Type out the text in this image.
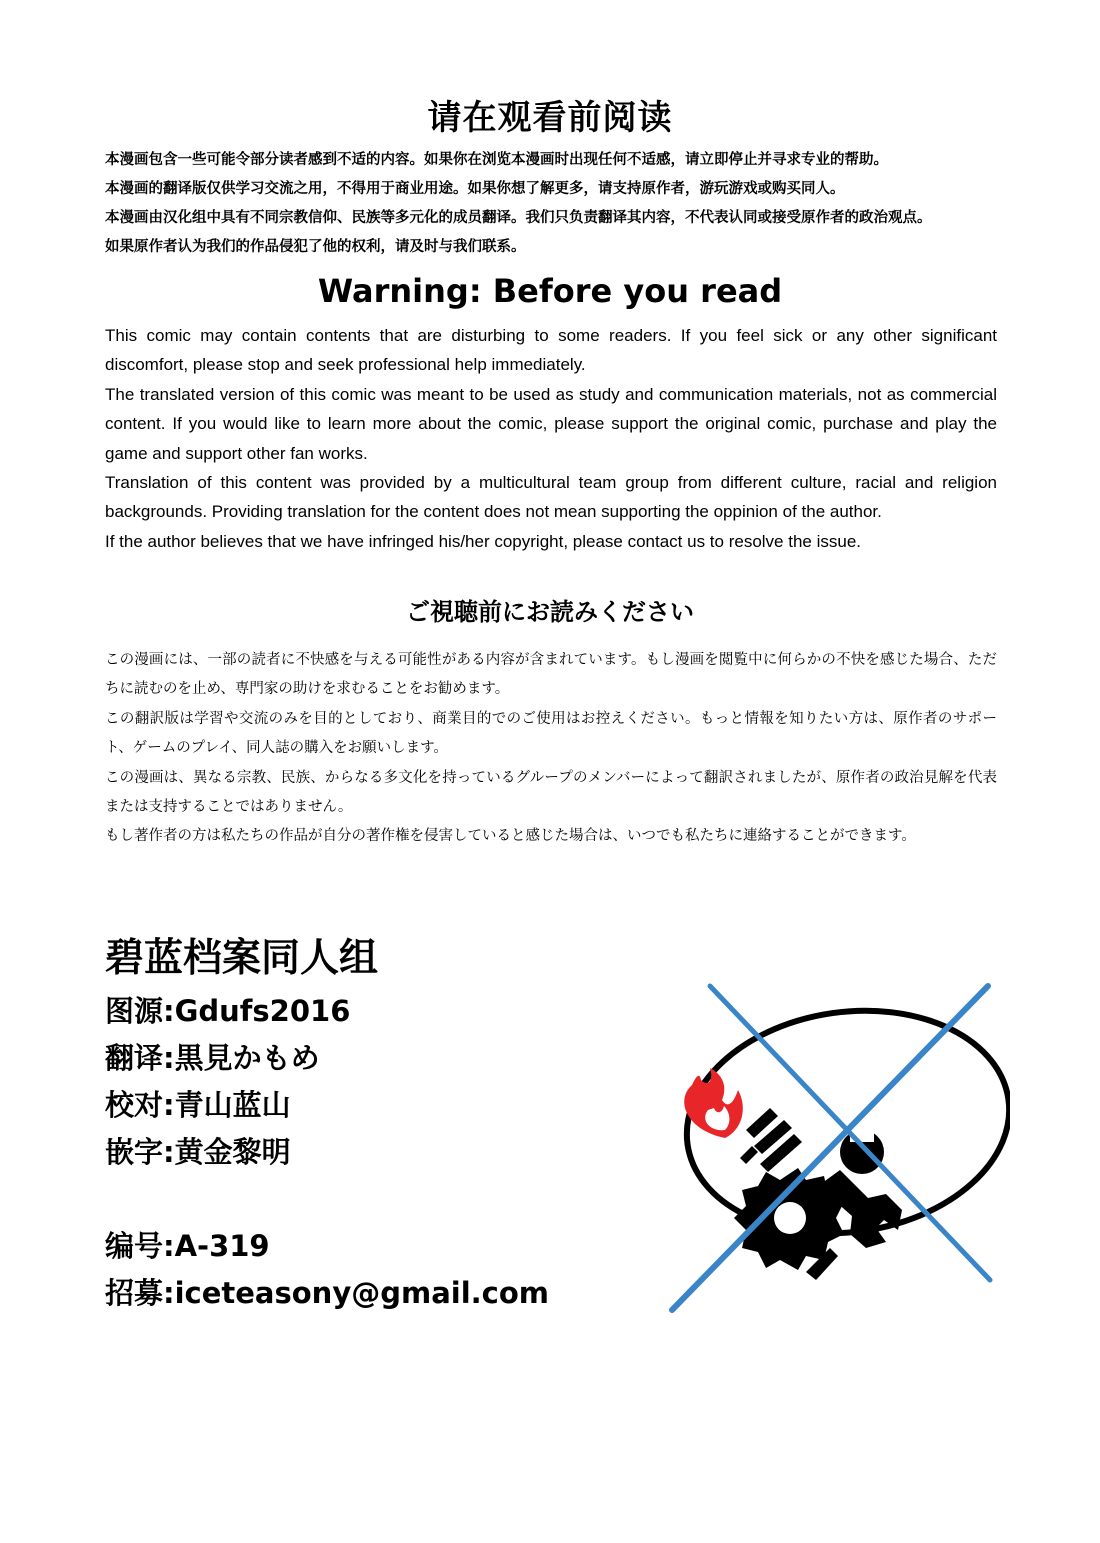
请在观看前阅读
本漫画包含一些可能令部分读者感到不适的内容。如果你在浏览本漫画时出现任何不适感，请立即停止并寻求专业的帮助。
本漫画的翻译版仅供学习交流之用，不得用于商业用途。如果你想了解更多，请支持原作者，游玩游戏或购买同人。
本漫画由汉化组中具有不同宗教信仰、民族等多元化的成员翻译。我们只负责翻译其内容，不代表认同或接受原作者的政治观点。
如果原作者认为我们的作品侵犯了他的权利，请及时与我们联系。
Warning: Before you read

This comic may contain contents that are disturbing to some readers. If you feel sick or any other significant discomfort, please stop and seek professional help immediately.

The translated version of this comic was meant to be used as study and communication materials, not as commercial content. If you would like to learn more about the comic, please support the original comic, purchase and play the game and support other fan works.

Translation of this content was provided by a multicultural team group from different culture, racial and religion backgrounds. Providing translation for the content does not mean supporting the oppinion of the author.

If the author believes that we have infringed his/her copyright, please contact us to resolve the issue.

ご視聴前にお読みください

この漫画には、一部の読者に不快感を与える可能性がある内容が含まれています。もし漫画を閲覧中に何らかの不快を感じた場合、ただちに読むのを止め、専門家の助けを求むることをお勧めます。

この翻訳版は学習や交流のみを目的としており、商業目的でのご使用はお控えください。もっと情報を知りたい方は、原作者のサポート、ゲームのプレイ、同人誌の購入をお願いします。

この漫画は、異なる宗教、民族、からなる多文化を持っているグループのメンバーによって翻訳されましたが、原作者の政治見解を代表または支持することではありません。

もし著作者の方は私たちの作品が自分の著作権を侵害していると感じた場合は、いつでも私たちに連絡することができます。

碧蓝档案同人组
图源:Gdufs2016
翻译:黒見かもめ
校对:青山蓝山
嵌字:黄金黎明
编号:A-319
招募:iceteasony@gmail.com
